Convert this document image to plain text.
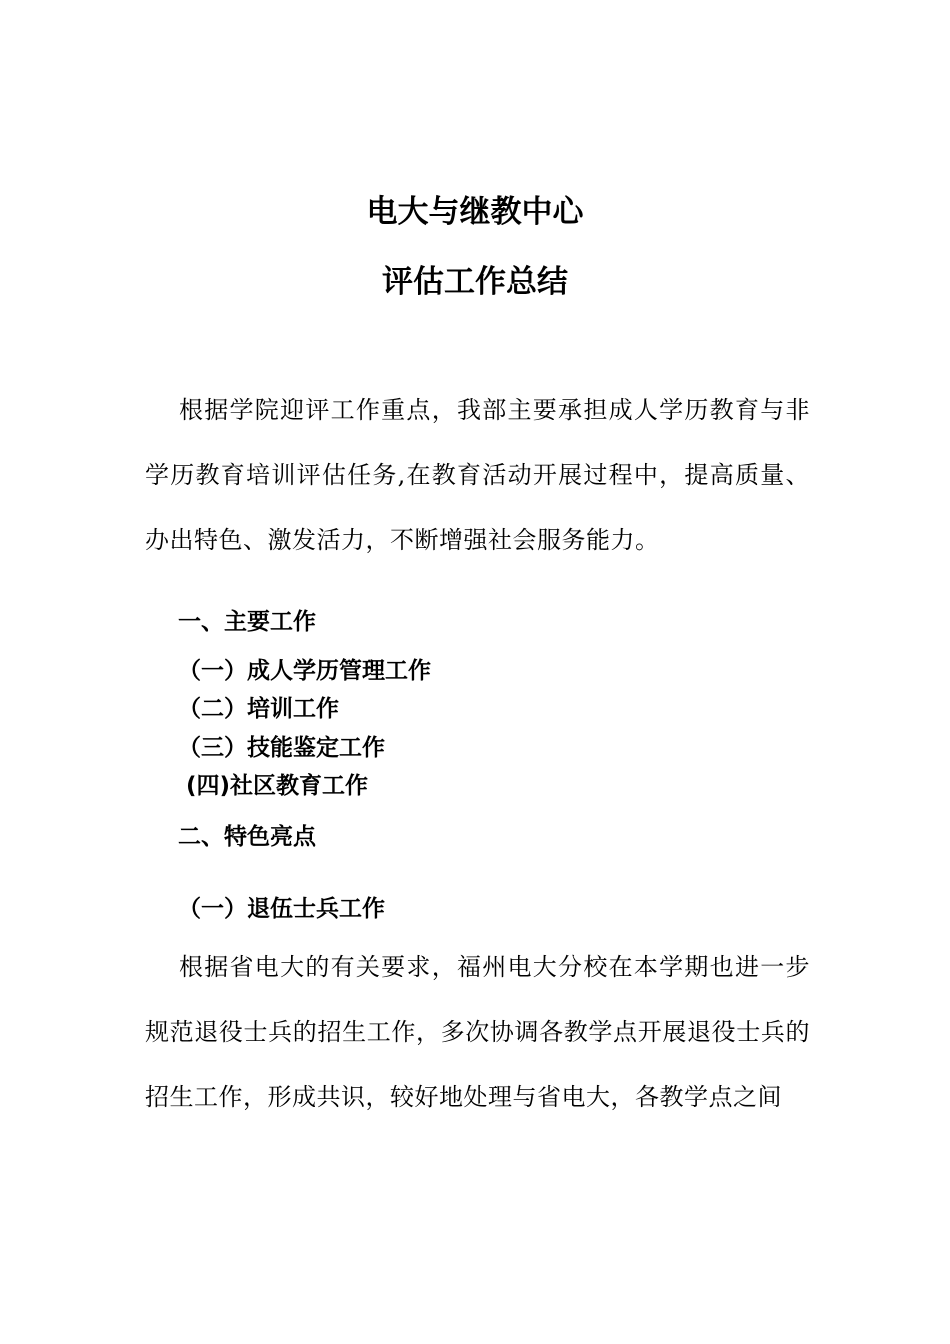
电大与继教中心
评估工作总结

根据学院迎评工作重点，我部主要承担成人学历教育与非学历教育培训评估任务,在教育活动开展过程中，提高质量、办出特色、激发活力，不断增强社会服务能力。

一、主要工作
（一）成人学历管理工作
（二）培训工作
（三）技能鉴定工作
(四)社区教育工作
二、特色亮点
（一）退伍士兵工作

根据省电大的有关要求，福州电大分校在本学期也进一步规范退役士兵的招生工作，多次协调各教学点开展退役士兵的招生工作，形成共识，较好地处理与省电大，各教学点之间
